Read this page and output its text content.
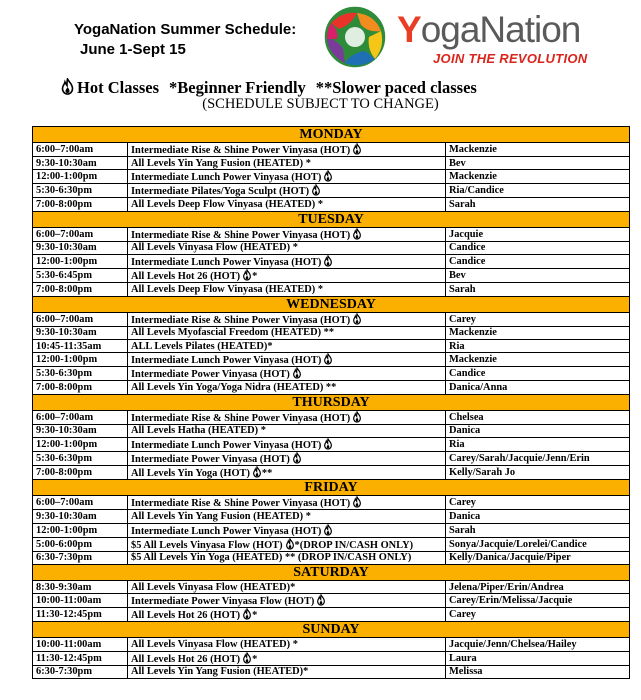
YogaNation Summer Schedule:
June 1-Sept 15	YogaNation
JOIN THE REVOLUTION
Hot Classes *Beginner Friendly **Slower paced classes
(SCHEDULE SUBJECT TO CHANGE)
MONDAY		
6:00–7:00am	Intermediate Rise & Shine Power Vinyasa (HOT)	Mackenzie
9:30-10:30am	All Levels Yin Yang Fusion (HEATED) *	Bev
12:00-1:00pm	Intermediate Lunch Power Vinyasa (HOT)	Mackenzie
5:30-6:30pm	Intermediate Pilates/Yoga Sculpt (HOT)	Ria/Candice
7:00-8:00pm	All Levels Deep Flow Vinyasa (HEATED) *	Sarah
TUESDAY		
6:00–7:00am	Intermediate Rise & Shine Power Vinyasa (HOT)	Jacquie
9:30-10:30am	All Levels Vinyasa Flow (HEATED) *	Candice
12:00-1:00pm	Intermediate Lunch Power Vinyasa (HOT)	Candice
5:30-6:45pm	All Levels Hot 26 (HOT) *	Bev
7:00-8:00pm	All Levels Deep Flow Vinyasa (HEATED) *	Sarah
WEDNESDAY		
6:00–7:00am	Intermediate Rise & Shine Power Vinyasa (HOT)	Carey
9:30-10:30am	All Levels Myofascial Freedom (HEATED) **	Mackenzie
10:45-11:35am	ALL Levels Pilates (HEATED)*	Ria
12:00-1:00pm	Intermediate Lunch Power Vinyasa (HOT)	Mackenzie
5:30-6:30pm	Intermediate Power Vinyasa (HOT)	Candice
7:00-8:00pm	All Levels Yin Yoga/Yoga Nidra (HEATED) **	Danica/Anna
THURSDAY		
6:00–7:00am	Intermediate Rise & Shine Power Vinyasa (HOT)	Chelsea
9:30-10:30am	All Levels Hatha (HEATED) *	Danica
12:00-1:00pm	Intermediate Lunch Power Vinyasa (HOT)	Ria
5:30-6:30pm	Intermediate Power Vinyasa (HOT)	Carey/Sarah/Jacquie/Jenn/Erin
7:00-8:00pm	All Levels Yin Yoga (HOT) **	Kelly/Sarah Jo
FRIDAY		
6:00–7:00am	Intermediate Rise & Shine Power Vinyasa (HOT)	Carey
9:30-10:30am	All Levels Yin Yang Fusion (HEATED) *	Danica
12:00-1:00pm	Intermediate Lunch Power Vinyasa (HOT)	Sarah
5:00-6:00pm	$5 All Levels Vinyasa Flow (HOT) *(DROP IN/CASH ONLY)	Sonya/Jacquie/Lorelei/Candice
6:30-7:30pm	$5 All Levels Yin Yoga (HEATED) ** (DROP IN/CASH ONLY)	Kelly/Danica/Jacquie/Piper
SATURDAY		
8:30-9:30am	All Levels Vinyasa Flow (HEATED)*	Jelena/Piper/Erin/Andrea
10:00-11:00am	Intermediate Power Vinyasa Flow (HOT)	Carey/Erin/Melissa/Jacquie
11:30-12:45pm	All Levels Hot 26 (HOT) *	Carey
SUNDAY		
10:00-11:00am	All Levels Vinyasa Flow (HEATED) *	Jacquie/Jenn/Chelsea/Hailey
11:30-12:45pm	All Levels Hot 26 (HOT) *	Laura
6:30-7:30pm	All Levels Yin Yang Fusion (HEATED)*	Melissa
